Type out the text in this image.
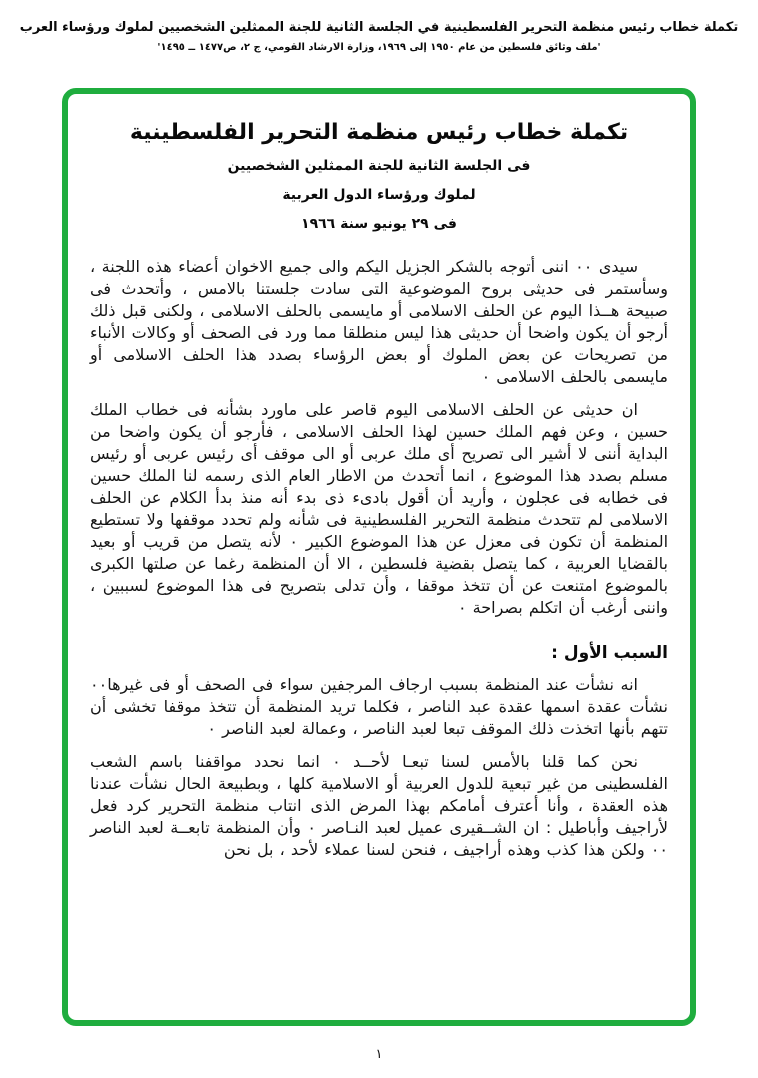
تكملة خطاب رئيس منظمة التحرير الفلسطينية في الجلسة الثانية للجنة الممثلين الشخصيين لملوك ورؤساء العرب
'ملف وثائق فلسطين من عام ١٩٥٠ إلى ١٩٦٩، وزارة الارشاد القومي، ج ٢، ص١٤٧٧ ــ ١٤٩٥'
تكملة خطاب رئيس منظمة التحرير الفلسطينية
فى الجلسة الثانية للجنة الممثلين الشخصيين
لملوك ورؤساء الدول العربية
فى ٢٩ يونيو سنة ١٩٦٦

سيدى ٠٠ اننى أتوجه بالشكر الجزيل اليكم والى جميع الاخوان أعضاء هذه اللجنة ، وسأستمر فى حديثى بروح الموضوعية التى سادت جلستنا بالامس ، وأتحدث فى صبيحة هــذا اليوم عن الحلف الاسلامى أو مايسمى بالحلف الاسلامى ، ولكنى قبل ذلك أرجو أن يكون واضحا أن حديثى هذا ليس منطلقا مما ورد فى الصحف أو وكالات الأنباء من تصريحات عن بعض الملوك أو بعض الرؤساء بصدد هذا الحلف الاسلامى أو مايسمى بالحلف الاسلامى ٠

ان حديثى عن الحلف الاسلامى اليوم قاصر على ماورد بشأنه فى خطاب الملك حسين ، وعن فهم الملك حسين لهذا الحلف الاسلامى ، فأرجو أن يكون واضحا من البداية أننى لا أشير الى تصريح أى ملك عربى أو الى موقف أى رئيس عربى أو رئيس مسلم بصدد هذا الموضوع ، انما أتحدث من الاطار العام الذى رسمه لنا الملك حسين فى خطابه فى عجلون ، وأريد أن أقول بادىء ذى بدء أنه منذ بدأ الكلام عن الحلف الاسلامى لم تتحدث منظمة التحرير الفلسطينية فى شأنه ولم تحدد موقفها ولا تستطيع المنظمة أن تكون فى معزل عن هذا الموضوع الكبير ٠ لأنه يتصل من قريب أو بعيد بالقضايا العربية ، كما يتصل بقضية فلسطين ، الا أن المنظمة رغما عن صلتها الكبرى بالموضوع امتنعت عن أن تتخذ موقفا ، وأن تدلى بتصريح فى هذا الموضوع لسببين ، واننى أرغب أن اتكلم بصراحة ٠

السبب الأول :

انه نشأت عند المنظمة بسبب ارجاف المرجفين سواء فى الصحف أو فى غيرها٠٠ نشأت عقدة اسمها عقدة عبد الناصر ، فكلما تريد المنظمة أن تتخذ موقفا تخشى أن تتهم بأنها اتخذت ذلك الموقف تبعا لعبد الناصر ، وعمالة لعبد الناصر ٠

نحن كما قلنا بالأمس لسنا تبعـا لأحــد ٠ انما نحدد مواقفنا باسم الشعب الفلسطينى من غير تبعية للدول العربية أو الاسلامية كلها ، وبطبيعة الحال نشأت عندنا هذه العقدة ، وأنا أعترف أمامكم بهذا المرض الذى انتاب منظمة التحرير كرد فعل لأراجيف وأباطيل : ان الشــقيرى عميل لعبد النـاصر ٠ وأن المنظمة تابعــة لعبد الناصر ٠٠ ولكن هذا كذب وهذه أراجيف ، فنحن لسنا عملاء لأحد ، بل نحن

١
